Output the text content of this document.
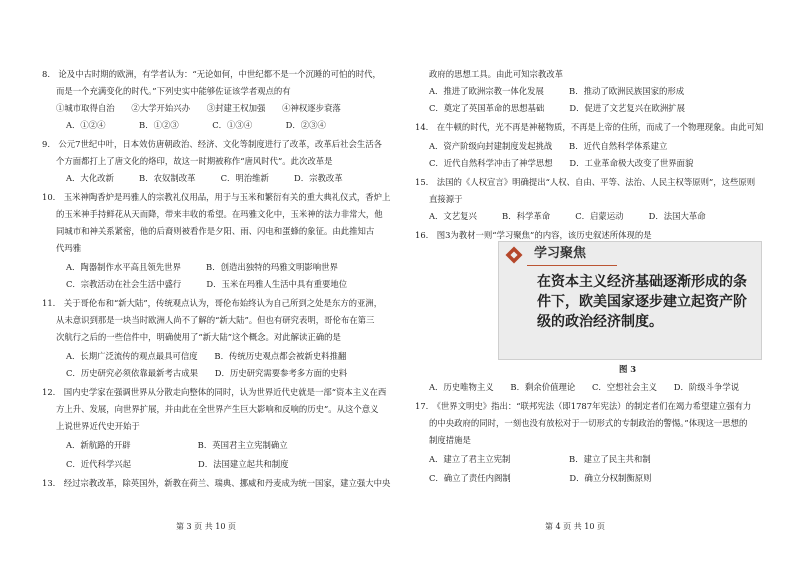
8.　论及中古时期的欧洲，有学者认为：“无论如何，中世纪都不是一个沉睡的可怕的时代，
而是一个充满变化的时代。”下列史实中能够佐证该学者观点的有
①城市取得自治　　②大学开始兴办　　③封建王权加强　　④神权逐步衰落
A．①②④　　　　B．①②③　　　　C．①③④　　　　D．②③④
9.　公元7世纪中叶，日本效仿唐朝政治、经济、文化等制度进行了改革，改革后社会生活各
个方面都打上了唐文化的烙印，故这一时期被称作“唐风时代”。此次改革是
A．大化改新　　　B．农奴制改革　　　C．明治维新　　　D．宗教改革
10.　玉米神陶香炉是玛雅人的宗教礼仪用品，用于与玉米和繁衍有关的重大典礼仪式，香炉上
的玉米神手持鲜花从天而降，带来丰收的希望。在玛雅文化中，玉米神的法力非常大，他
同城市和神关系紧密，他的后裔则被看作是夕阳、雨、闪电和蛋蜂的象征。由此推知古
代玛雅
A．陶器制作水平高且领先世界　　　B．创造出独特的玛雅文明影响世界
C．宗教活动在社会生活中盛行　　　D．玉米在玛雅人生活中具有重要地位
11.　关于哥伦布和“新大陆”，传统观点认为，哥伦布始终认为自己所到之处是东方的亚洲，
从未意识到那是一块当时欧洲人尚不了解的“新大陆”。但也有研究表明，哥伦布在第三
次航行之后的一些信件中，明确使用了“新大陆”这个概念。对此解读正确的是
A．长期广泛流传的观点最具可信度　　B．传统历史观点都会被新史料推翻
C．历史研究必须依靠最新考古成果　　D．历史研究需要参考多方面的史料
12.　国内史学家在强调世界从分散走向整体的同时，认为世界近代史就是一部“资本主义在西
方上升、发展，向世界扩展，并由此在全世界产生巨大影响和反响的历史”。从这个意义
上说世界近代史开始于
A．新航路的开辟　　　　　　　　B．英国君主立宪制确立
C．近代科学兴起　　　　　　　　D．法国建立起共和制度
13.　经过宗教改革，除英国外，新教在荷兰、瑞典、挪威和丹麦成为统一国家，建立强大中央
第 3 页 共 10 页
政府的思想工具。由此可知宗教改革
A．推进了欧洲宗教一体化发展　　　B．推动了欧洲民族国家的形成
C．奠定了英国革命的思想基础　　　D．促进了文艺复兴在欧洲扩展
14.　在牛顿的时代，光不再是神秘物质，不再是上帝的住所，而成了一个物理现象。由此可知
A．资产阶级向封建制度发起挑战　　B．近代自然科学体系建立
C．近代自然科学冲击了神学思想　　D．工业革命极大改变了世界面貌
15.　法国的《人权宣言》明确提出“人权、自由、平等、法治、人民主权等原则”，这些原则
直接源于
A．文艺复兴　　　B．科学革命　　　C．启蒙运动　　　D．法国大革命
16.　图3为教材一则“学习聚焦”的内容，该历史叙述所体现的是
学习聚焦
在资本主义经济基础逐渐形成的条件下，欧美国家逐步建立起资产阶级的政治经济制度。
图 3
A．历史唯物主义　　B．剩余价值理论　　C．空想社会主义　　D．阶级斗争学说
17.　《世界文明史》指出：“联邦宪法（即1787年宪法）的制定者们在竭力希望建立强有力
的中央政府的同时，一刻也没有放松对于一切形式的专制政治的警惕。”体现这一思想的
制度措施是
A．建立了君主立宪制　　　　　　　B．建立了民主共和制
C．确立了责任内阁制　　　　　　　D．确立分权制衡原则
第 4 页 共 10 页
